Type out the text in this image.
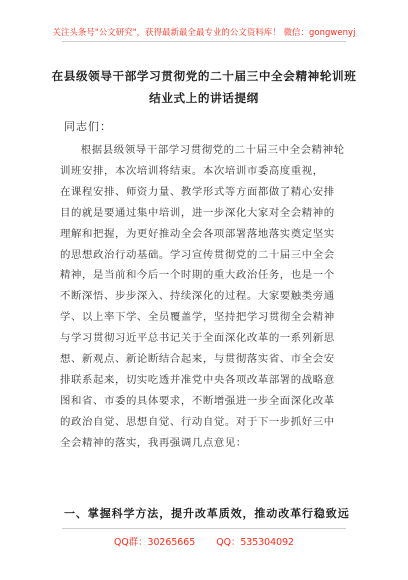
关注头条号"公文研究"，获得最新最全最专业的公文资料库！ 微信：gongwenyj
在县级领导干部学习贯彻党的二十届三中全会精神轮训班
结业式上的讲话提纲
同志们：
根据县级领导干部学习贯彻党的二十届三中全会精神轮
训班安排，本次培训将结束。本次培训市委高度重视，
在课程安排、师资力量、教学形式等方面都做了精心安排
目的就是要通过集中培训，进一步深化大家对全会精神的
理解和把握，为更好推动全会各项部署落地落实奠定坚实
的思想政治行动基础。学习宣传贯彻党的二十届三中全会
精神，是当前和今后一个时期的重大政治任务，也是一个
不断深悟、步步深入、持续深化的过程。大家要触类旁通
学、以上率下学、全员覆盖学，坚持把学习贯彻全会精神
与学习贯彻习近平总书记关于全面深化改革的一系列新思
想、新观点、新论断结合起来，与贯彻落实省、市全会安
排联系起来，切实吃透并准党中央各项改革部署的战略意
图和省、市委的具体要求，不断增强进一步全面深化改革
的政治自觉、思想自觉、行动自觉。对于下一步抓好三中
全会精神的落实，我再强调几点意见：
一、掌握科学方法，提升改革质效，推动改革行稳致远
QQ群：30265665 QQ：535304092
